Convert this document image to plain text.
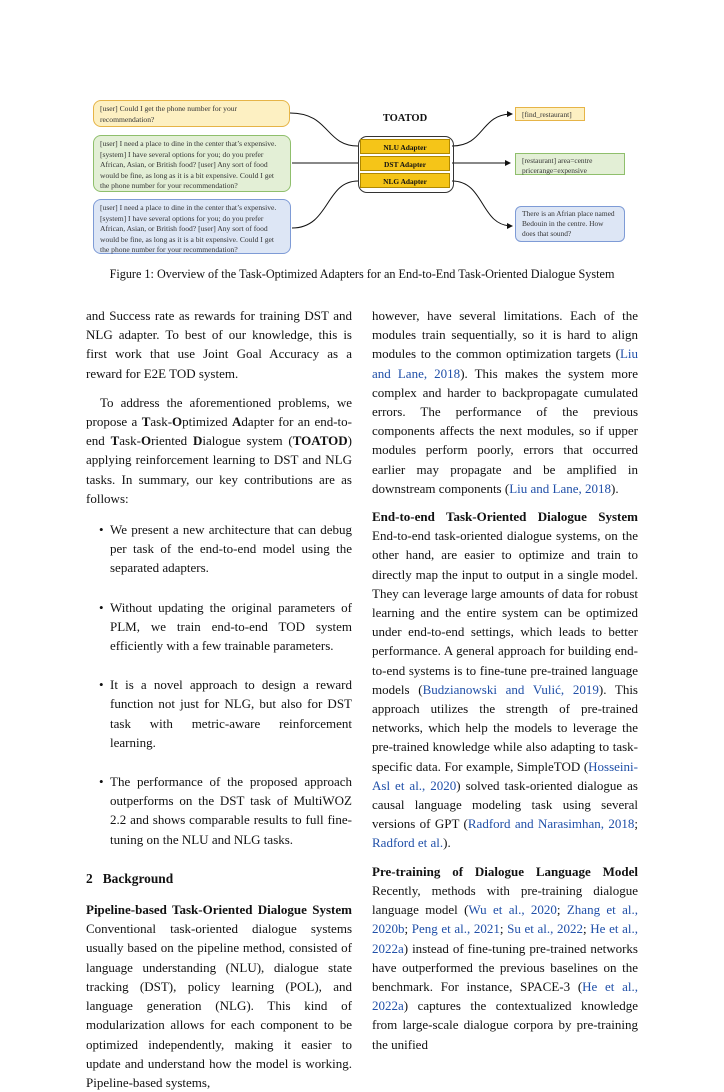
[user] Could I get the phone number for your recommendation?
[user] I need a place to dine in the center that’s expensive. [system] I have several options for you; do you prefer African, Asian, or British food? [user] Any sort of food would be fine, as long as it is a bit expensive. Could I get the phone number for your recommendation?
[user] I need a place to dine in the center that’s expensive. [system] I have several options for you; do you prefer African, Asian, or British food? [user] Any sort of food would be fine, as long as it is a bit expensive. Could I get the phone number for your recommendation?
TOATOD
NLU Adapter
DST Adapter
NLG Adapter
[find_restaurant]
[restaurant] area=centre pricerange=expensive
There is an Afrian place named Bedouin in the centre. How does that sound?
Figure 1: Overview of the Task-Optimized Adapters for an End-to-End Task-Oriented Dialogue System

and Success rate as rewards for training DST and NLG adapter. To best of our knowledge, this is first work that use Joint Goal Accuracy as a reward for E2E TOD system.

To address the aforementioned problems, we propose a Task-Optimized Adapter for an end-to-end Task-Oriented Dialogue system (TOATOD) applying reinforcement learning to DST and NLG tasks. In summary, our key contributions are as follows:

• We present a new architecture that can debug per task of the end-to-end model using the separated adapters.
• Without updating the original parameters of PLM, we train end-to-end TOD system efficiently with a few trainable parameters.
• It is a novel approach to design a reward function not just for NLG, but also for DST task with metric-aware reinforcement learning.
• The performance of the proposed approach outperforms on the DST task of MultiWOZ 2.2 and shows comparable results to full fine-tuning on the NLU and NLG tasks.
2   Background

Pipeline-based Task-Oriented Dialogue System Conventional task-oriented dialogue systems usually based on the pipeline method, consisted of language understanding (NLU), dialogue state tracking (DST), policy learning (POL), and language generation (NLG). This kind of modularization allows for each component to be optimized independently, making it easier to update and understand how the model is working. Pipeline-based systems,

however, have several limitations. Each of the modules train sequentially, so it is hard to align modules to the common optimization targets (Liu and Lane, 2018). This makes the system more complex and harder to backpropagate cumulated errors. The performance of the previous components affects the next modules, so if upper modules perform poorly, errors that occurred earlier may propagate and be amplified in downstream components (Liu and Lane, 2018).

End-to-end Task-Oriented Dialogue System End-to-end task-oriented dialogue systems, on the other hand, are easier to optimize and train to directly map the input to output in a single model. They can leverage large amounts of data for robust learning and the entire system can be optimized under end-to-end settings, which leads to better performance. A general approach for building end-to-end systems is to fine-tune pre-trained language models (Budzianowski and Vulić, 2019). This approach utilizes the strength of pre-trained networks, which help the models to leverage the pre-trained knowledge while also adapting to task-specific data. For example, SimpleTOD (Hosseini-Asl et al., 2020) solved task-oriented dialogue as causal language modeling task using several versions of GPT (Radford and Narasimhan, 2018; Radford et al.).

Pre-training of Dialogue Language Model Recently, methods with pre-training dialogue language model (Wu et al., 2020; Zhang et al., 2020b; Peng et al., 2021; Su et al., 2022; He et al., 2022a) instead of fine-tuning pre-trained networks have outperformed the previous baselines on the benchmark. For instance, SPACE-3 (He et al., 2022a) captures the contextualized knowledge from large-scale dialogue corpora by pre-training the unified
